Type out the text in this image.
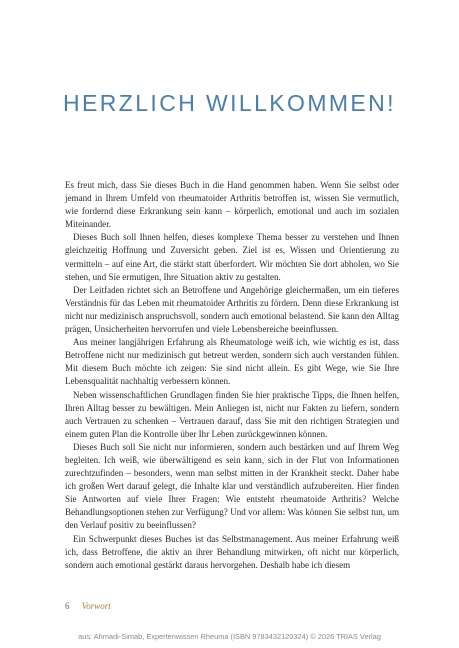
HERZLICH WILLKOMMEN!

Es freut mich, dass Sie dieses Buch in die Hand genommen haben. Wenn Sie selbst oder jemand in Ihrem Umfeld von rheumatoider Arthritis betroffen ist, wissen Sie vermutlich, wie fordernd diese Erkrankung sein kann – körperlich, emotional und auch im sozialen Miteinander.

Dieses Buch soll Ihnen helfen, dieses komplexe Thema besser zu verstehen und Ihnen gleichzeitig Hoffnung und Zuversicht geben. Ziel ist es, Wissen und Orientierung zu vermitteln – auf eine Art, die stärkt statt überfordert. Wir möchten Sie dort abholen, wo Sie stehen, und Sie ermutigen, Ihre Situation aktiv zu gestalten.

Der Leitfaden richtet sich an Betroffene und Angehörige gleichermaßen, um ein tieferes Verständnis für das Leben mit rheumatoider Arthritis zu fördern. Denn diese Erkrankung ist nicht nur medizinisch anspruchsvoll, sondern auch emotional belastend. Sie kann den Alltag prägen, Unsicherheiten hervorrufen und viele Lebensbereiche beeinflussen.

Aus meiner langjährigen Erfahrung als Rheumatologe weiß ich, wie wichtig es ist, dass Betroffene nicht nur medizinisch gut betreut werden, sondern sich auch verstanden fühlen. Mit diesem Buch möchte ich zeigen: Sie sind nicht allein. Es gibt Wege, wie Sie Ihre Lebensqualität nachhaltig verbessern können.

Neben wissenschaftlichen Grundlagen finden Sie hier praktische Tipps, die Ihnen helfen, Ihren Alltag besser zu bewältigen. Mein Anliegen ist, nicht nur Fakten zu liefern, sondern auch Vertrauen zu schenken – Vertrauen darauf, dass Sie mit den richtigen Strategien und einem guten Plan die Kontrolle über Ihr Leben zurückgewinnen können.

Dieses Buch soll Sie nicht nur informieren, sondern auch bestärken und auf Ihrem Weg begleiten. Ich weiß, wie überwältigend es sein kann, sich in der Flut von Informationen zurechtzufinden – besonders, wenn man selbst mitten in der Krankheit steckt. Daher habe ich großen Wert darauf gelegt, die Inhalte klar und verständlich aufzubereiten. Hier finden Sie Antworten auf viele Ihrer Fragen: Wie entsteht rheumatoide Arthritis? Welche Behandlungsoptionen stehen zur Verfügung? Und vor allem: Was können Sie selbst tun, um den Verlauf positiv zu beeinflussen?

Ein Schwerpunkt dieses Buches ist das Selbstmanagement. Aus meiner Erfahrung weiß ich, dass Betroffene, die aktiv an ihrer Behandlung mitwirken, oft nicht nur körperlich, sondern auch emotional gestärkt daraus hervorgehen. Deshalb habe ich diesem

6 Vorwort
aus: Ahmadi-Simab, Expertenwissen Rheuma (ISBN 9783432120324) © 2026 TRIAS Verlag
